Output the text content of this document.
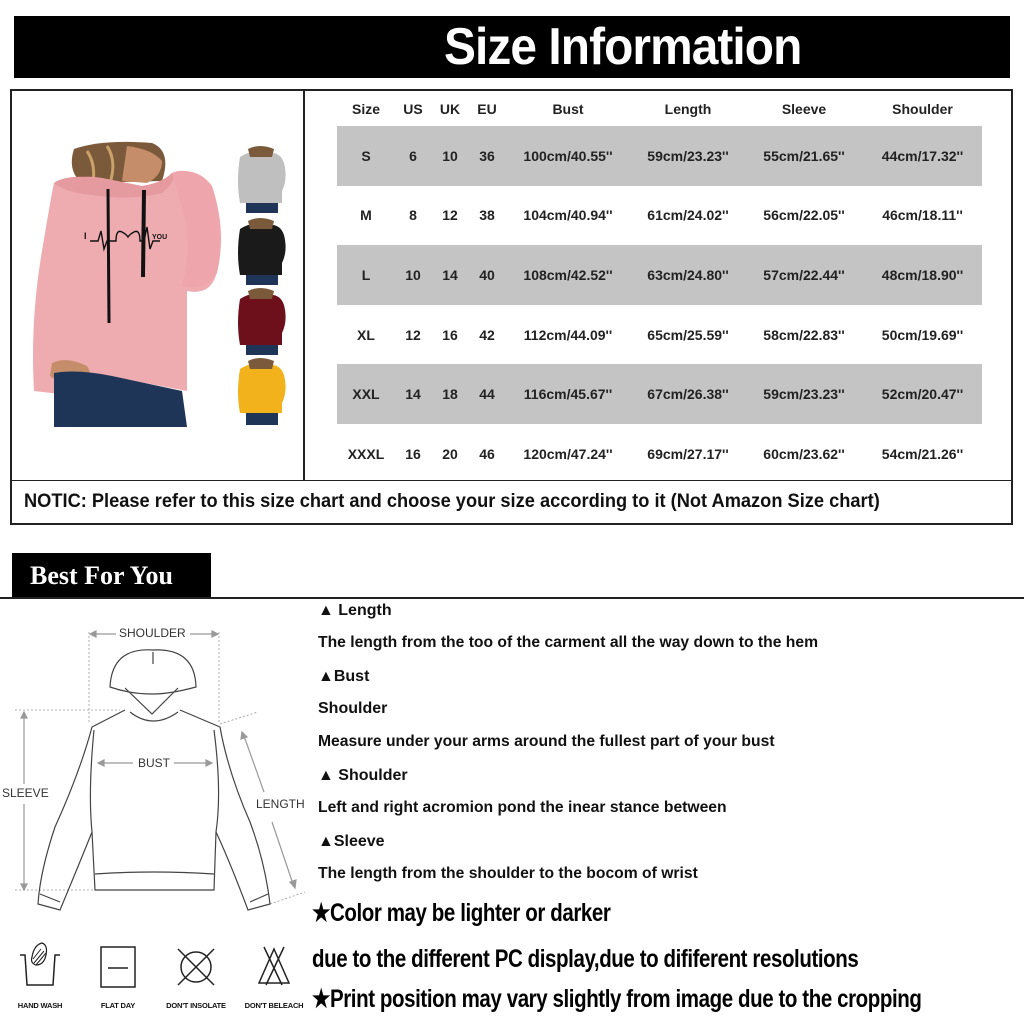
Size Information
I	YOU
Size	US	UK	EU	Bust	Length	Sleeve	Shoulder
S	6	10	36	100cm/40.55''	59cm/23.23''	55cm/21.65''	44cm/17.32''
M	8	12	38	104cm/40.94''	61cm/24.02''	56cm/22.05''	46cm/18.11''
L	10	14	40	108cm/42.52''	63cm/24.80''	57cm/22.44''	48cm/18.90''
XL	12	16	42	112cm/44.09''	65cm/25.59''	58cm/22.83''	50cm/19.69''
XXL	14	18	44	116cm/45.67''	67cm/26.38''	59cm/23.23''	52cm/20.47''
XXXL	16	20	46	120cm/47.24''	69cm/27.17''	60cm/23.62''	54cm/21.26''
NOTIC: Please refer to this size chart and choose your size according to it (Not Amazon Size chart)
Best For You
SHOULDER
BUST
SLEEVE
LENGTH
HAND WASH	FLAT DAY	DON'T INSOLATE	DON'T BELEACH
▲ Length
The length from the too of the carment all the way down to the hem
▲Bust
Shoulder
Measure under your arms around the fullest part of your bust
▲ Shoulder
Left and right acromion pond the inear stance between
▲Sleeve
The length from the shoulder to the bocom of wrist
★Color may be lighter or darker
due to the different PC display,due to dififerent resolutions
★Print position may vary slightly from image due to the cropping
